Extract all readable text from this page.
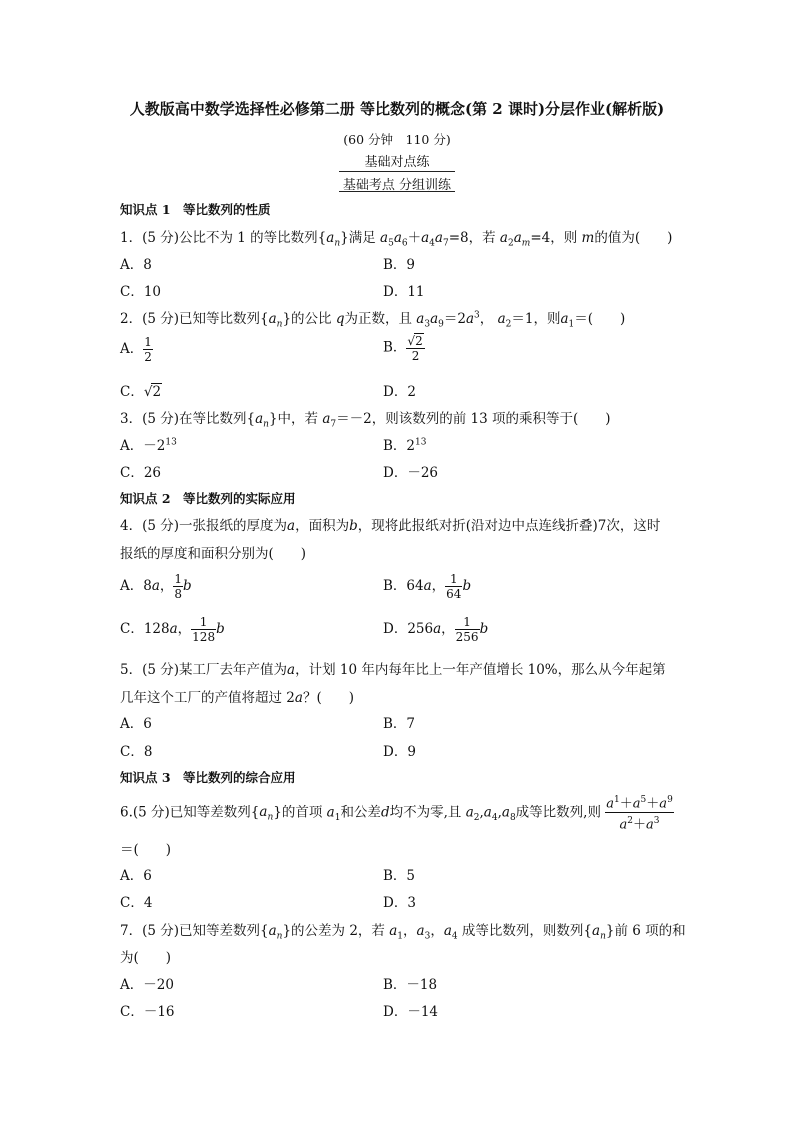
人教版高中数学选择性必修第二册 等比数列的概念(第 2 课时)分层作业(解析版)
(60 分钟　110 分)
基础对点练
基础考点 分组训练
知识点 1　等比数列的性质
1．(5 分)公比不为 1 的等比数列$\{a_n\}$满足 $a_5a_6+a_4a_7=8$，若 $a_2a_m=4$，则 m的值为(　　)
A．8	B．9
C．10	D．11
2．(5 分)已知等比数列$\{a_n\}$的公比 q为正数，且 $a_3a_9=2a^3$， $a_2=1$，则$a_1=$(　　)
A． $\frac{1}{2}$	B． $\frac{√2}{2}$
C．√2	D．2
3．(5 分)在等比数列$\{a_n\}$中，若 $a_7=-2$，则该数列的前 13 项的乘积等于(　　)
A．$-2^{13}$	B．$2^{13}$
C．26	D．－26
知识点 2　等比数列的实际应用
4．(5 分)一张报纸的厚度为a，面积为b，现将此报纸对折(沿对边中点连线折叠)7次，这时
报纸的厚度和面积分别为(　　)
A．8a， $\frac{1}{8}$ b	B．64a， $\frac{1}{64}$ b
C．128a， $\frac{1}{128}$ b	D．256a， $\frac{1}{256}$ b
5．(5 分)某工厂去年产值为a，计划 10 年内每年比上一年产值增长 10%，那么从今年起第
几年这个工厂的产值将超过 2a？(　　)
A．6	B．7
C．8	D．9
知识点 3　等比数列的综合应用
6.(5 分)已知等差数列$\{a_n\}$的首项 $a_1$和公差d均不为零,且 $a_2,a_4,a_8$成等比数列,则 $\frac{a^1+a^5+a^9}{a^2+a^3}$
＝(　　)
A．6	B．5
C．4	D．3
7．(5 分)已知等差数列$\{a_n\}$的公差为 2，若 $a_1$，$a_3$，$a_4$ 成等比数列，则数列$\{a_n\}$前 6 项的和
为(　　)
A．－20	B．－18
C．－16	D．－14
